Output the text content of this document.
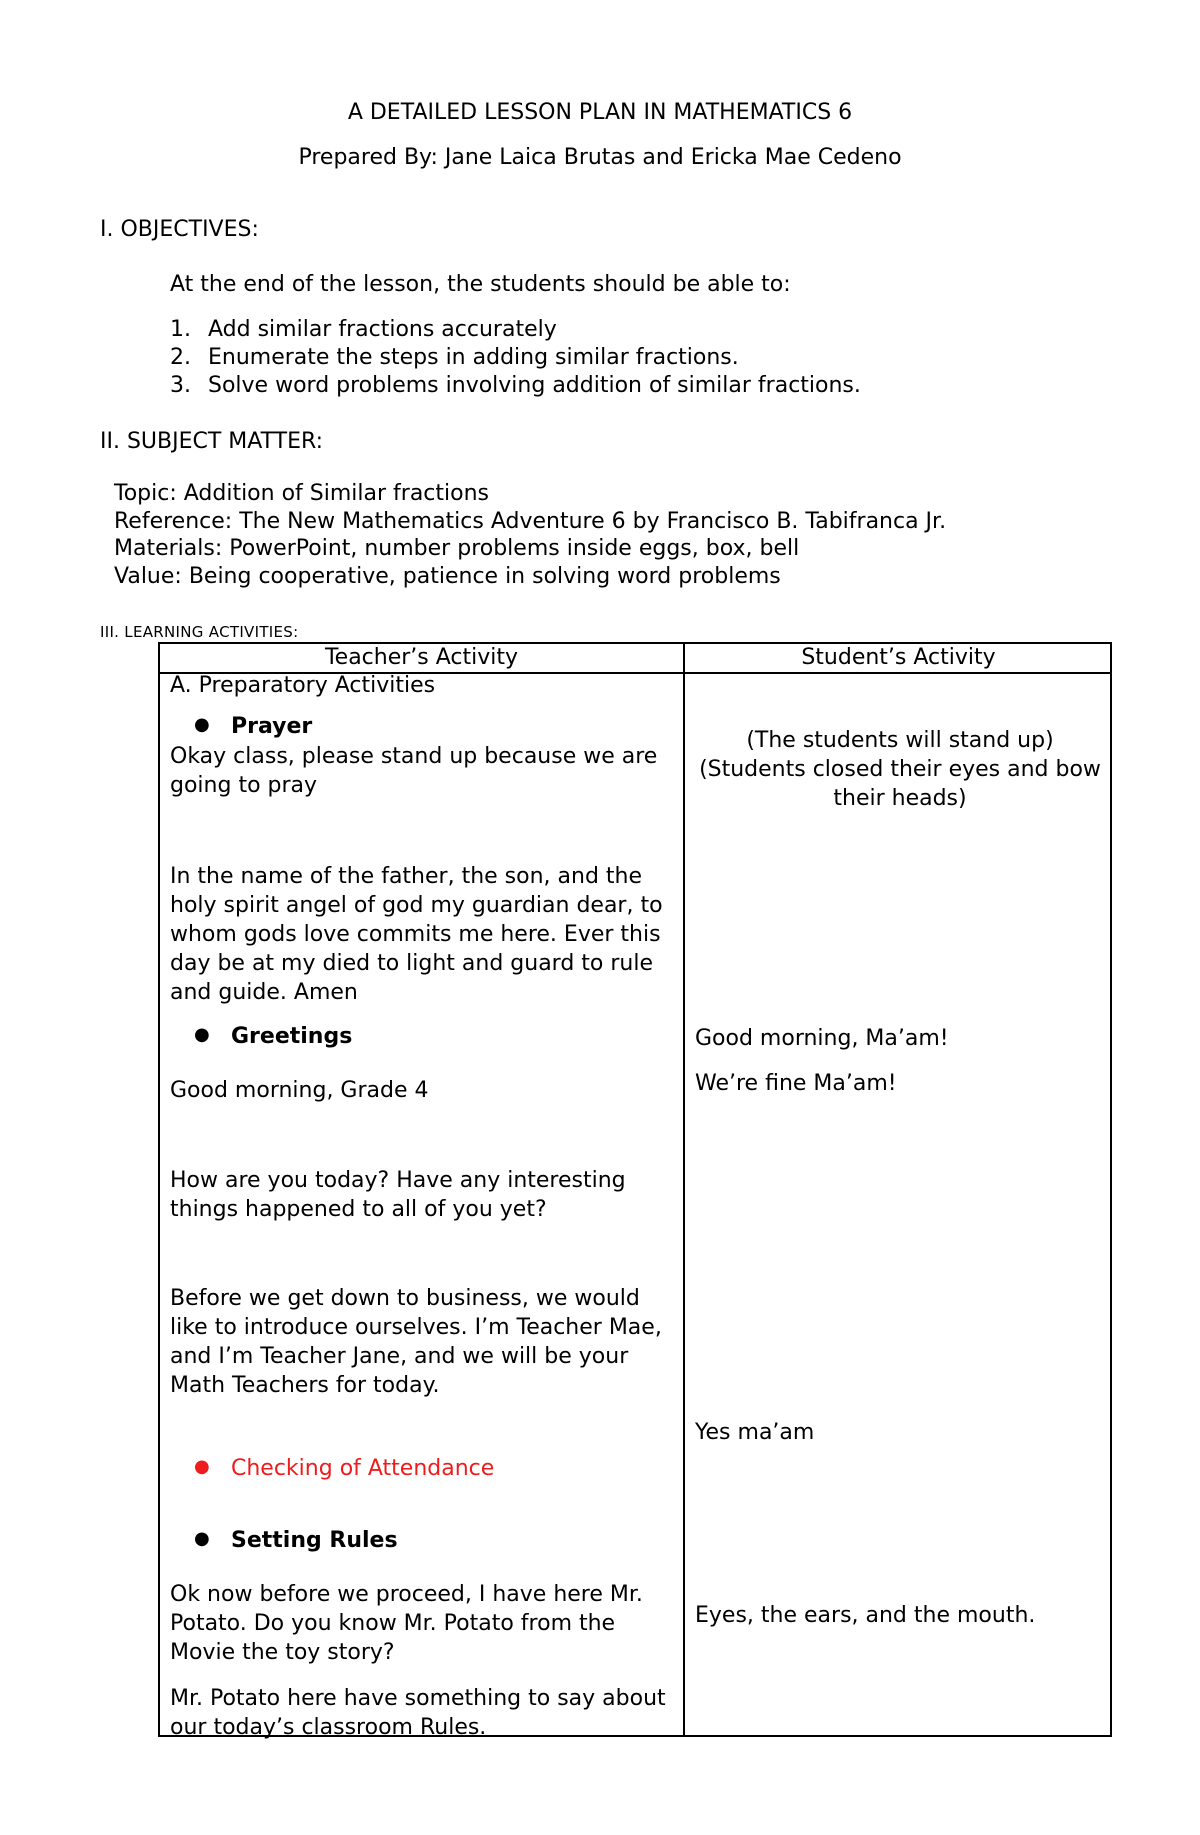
A DETAILED LESSON PLAN IN MATHEMATICS 6
Prepared By: Jane Laica Brutas and Ericka Mae Cedeno
I. OBJECTIVES:
At the end of the lesson, the students should be able to:
1. Add similar fractions accurately
2. Enumerate the steps in adding similar fractions.
3. Solve word problems involving addition of similar fractions.
II. SUBJECT MATTER:
Topic: Addition of Similar fractions
Reference: The New Mathematics Adventure 6 by Francisco B. Tabifranca Jr.
Materials: PowerPoint, number problems inside eggs, box, bell
Value: Being cooperative, patience in solving word problems
III. LEARNING ACTIVITIES:
Teacher’s Activity	Student’s Activity
A. Preparatory Activities
● Prayer
Okay class, please stand up because we are going to pray
In the name of the father, the son, and the holy spirit angel of god my guardian dear, to whom gods love commits me here. Ever this day be at my died to light and guard to rule and guide. Amen
● Greetings
Good morning, Grade 4
How are you today? Have any interesting things happened to all of you yet?
Before we get down to business, we would like to introduce ourselves. I’m Teacher Mae, and I’m Teacher Jane, and we will be your Math Teachers for today.
● Checking of Attendance
● Setting Rules
Ok now before we proceed, I have here Mr. Potato. Do you know Mr. Potato from the Movie the toy story?
Mr. Potato here have something to say about our today’s classroom Rules.
(The students will stand up)
(Students closed their eyes and bow their heads)
Good morning, Ma’am!
We’re fine Ma’am!
Yes ma’am
Eyes, the ears, and the mouth.
